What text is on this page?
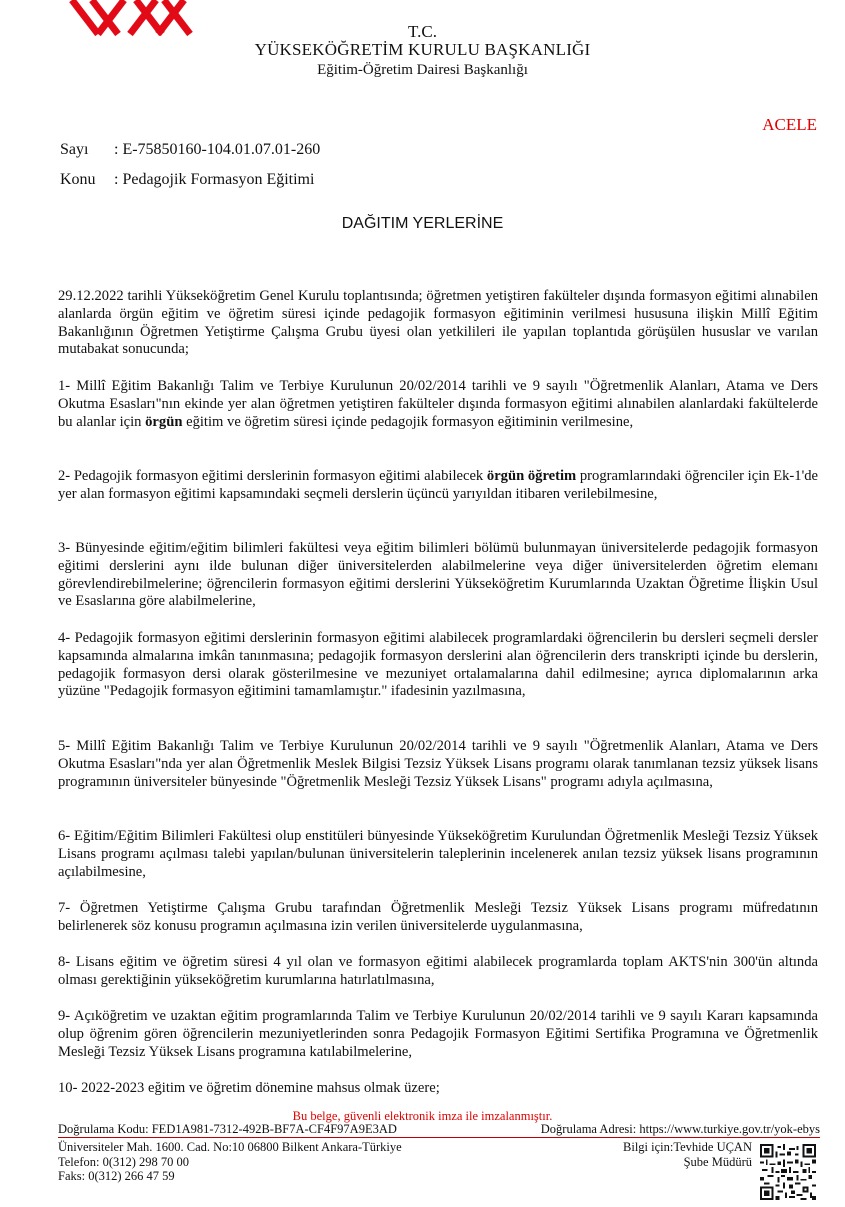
T.C.
YÜKSEKÖĞRETİM KURULU BAŞKANLIĞI
Eğitim-Öğretim Dairesi Başkanlığı
ACELE
Sayı : E-75850160-104.01.07.01-260
Konu : Pedagojik Formasyon Eğitimi
DAĞITIM YERLERİNE
29.12.2022 tarihli Yükseköğretim Genel Kurulu toplantısında; öğretmen yetiştiren fakülteler dışında formasyon eğitimi alınabilen alanlarda örgün eğitim ve öğretim süresi içinde pedagojik formasyon eğitiminin verilmesi hususuna ilişkin Millî Eğitim Bakanlığının Öğretmen Yetiştirme Çalışma Grubu üyesi olan yetkilileri ile yapılan toplantıda görüşülen hususlar ve varılan mutabakat sonucunda;
1- Millî Eğitim Bakanlığı Talim ve Terbiye Kurulunun 20/02/2014 tarihli ve 9 sayılı "Öğretmenlik Alanları, Atama ve Ders Okutma Esasları"nın ekinde yer alan öğretmen yetiştiren fakülteler dışında formasyon eğitimi alınabilen alanlardaki fakültelerde bu alanlar için örgün eğitim ve öğretim süresi içinde pedagojik formasyon eğitiminin verilmesine,
2- Pedagojik formasyon eğitimi derslerinin formasyon eğitimi alabilecek örgün öğretim programlarındaki öğrenciler için Ek-1'de yer alan formasyon eğitimi kapsamındaki seçmeli derslerin üçüncü yarıyıldan itibaren verilebilmesine,
3- Bünyesinde eğitim/eğitim bilimleri fakültesi veya eğitim bilimleri bölümü bulunmayan üniversitelerde pedagojik formasyon eğitimi derslerini aynı ilde bulunan diğer üniversitelerden alabilmelerine veya diğer üniversitelerden öğretim elemanı görevlendirebilmelerine; öğrencilerin formasyon eğitimi derslerini Yükseköğretim Kurumlarında Uzaktan Öğretime İlişkin Usul ve Esaslarına göre alabilmelerine,
4- Pedagojik formasyon eğitimi derslerinin formasyon eğitimi alabilecek programlardaki öğrencilerin bu dersleri seçmeli dersler kapsamında almalarına imkân tanınmasına; pedagojik formasyon derslerini alan öğrencilerin ders transkripti içinde bu derslerin, pedagojik formasyon dersi olarak gösterilmesine ve mezuniyet ortalamalarına dahil edilmesine; ayrıca diplomalarının arka yüzüne "Pedagojik formasyon eğitimini tamamlamıştır." ifadesinin yazılmasına,
5- Millî Eğitim Bakanlığı Talim ve Terbiye Kurulunun 20/02/2014 tarihli ve 9 sayılı "Öğretmenlik Alanları, Atama ve Ders Okutma Esasları"nda yer alan Öğretmenlik Meslek Bilgisi Tezsiz Yüksek Lisans programı olarak tanımlanan tezsiz yüksek lisans programının üniversiteler bünyesinde "Öğretmenlik Mesleği Tezsiz Yüksek Lisans" programı adıyla açılmasına,
6- Eğitim/Eğitim Bilimleri Fakültesi olup enstitüleri bünyesinde Yükseköğretim Kurulundan Öğretmenlik Mesleği Tezsiz Yüksek Lisans programı açılması talebi yapılan/bulunan üniversitelerin taleplerinin incelenerek anılan tezsiz yüksek lisans programının açılabilmesine,
7- Öğretmen Yetiştirme Çalışma Grubu tarafından Öğretmenlik Mesleği Tezsiz Yüksek Lisans programı müfredatının belirlenerek söz konusu programın açılmasına izin verilen üniversitelerde uygulanmasına,
8- Lisans eğitim ve öğretim süresi 4 yıl olan ve formasyon eğitimi alabilecek programlarda toplam AKTS'nin 300'ün altında olması gerektiğinin yükseköğretim kurumlarına hatırlatılmasına,
9- Açıköğretim ve uzaktan eğitim programlarında Talim ve Terbiye Kurulunun 20/02/2014 tarihli ve 9 sayılı Kararı kapsamında olup öğrenim gören öğrencilerin mezuniyetlerinden sonra Pedagojik Formasyon Eğitimi Sertifika Programına ve Öğretmenlik Mesleği Tezsiz Yüksek Lisans programına katılabilmelerine,
10- 2022-2023 eğitim ve öğretim dönemine mahsus olmak üzere;
Bu belge, güvenli elektronik imza ile imzalanmıştır.
Doğrulama Kodu: FED1A981-7312-492B-BF7A-CF4F97A9E3AD	Doğrulama Adresi: https://www.turkiye.gov.tr/yok-ebys
Üniversiteler Mah. 1600. Cad. No:10 06800 Bilkent Ankara-Türkiye
Telefon: 0(312) 298 70 00
Faks: 0(312) 266 47 59
Bilgi için:Tevhide UÇAN
Şube Müdürü
